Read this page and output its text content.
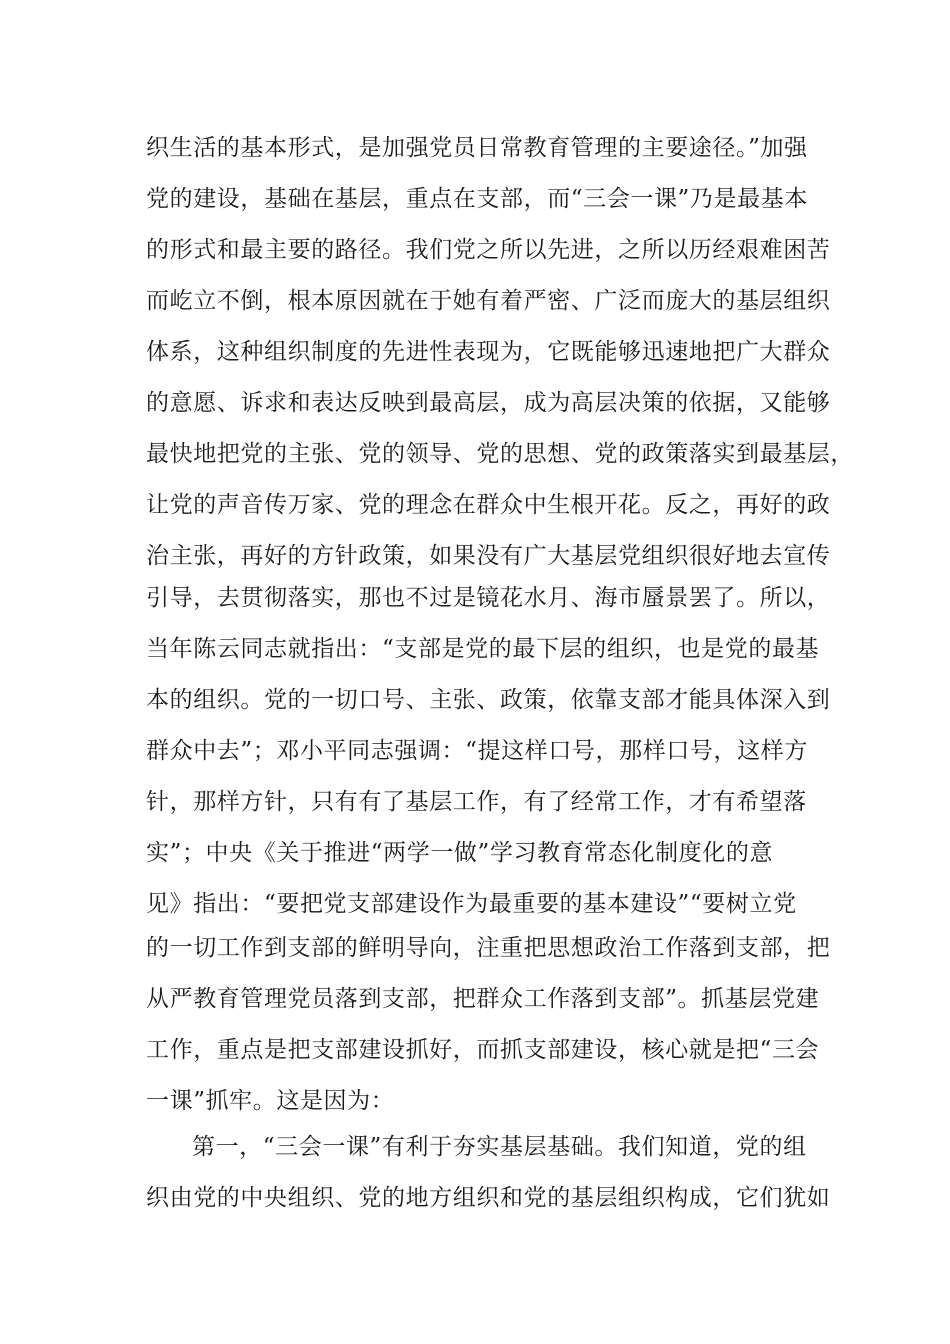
织生活的基本形式，是加强党员日常教育管理的主要途径。”加强
党的建设，基础在基层，重点在支部，而“三会一课”乃是最基本
的形式和最主要的路径。我们党之所以先进，之所以历经艰难困苦
而屹立不倒，根本原因就在于她有着严密、广泛而庞大的基层组织
体系，这种组织制度的先进性表现为，它既能够迅速地把广大群众
的意愿、诉求和表达反映到最高层，成为高层决策的依据，又能够
最快地把党的主张、党的领导、党的思想、党的政策落实到最基层，
让党的声音传万家、党的理念在群众中生根开花。反之，再好的政
治主张，再好的方针政策，如果没有广大基层党组织很好地去宣传
引导，去贯彻落实，那也不过是镜花水月、海市蜃景罢了。所以，
当年陈云同志就指出：“支部是党的最下层的组织，也是党的最基
本的组织。党的一切口号、主张、政策，依靠支部才能具体深入到
群众中去”；邓小平同志强调：“提这样口号，那样口号，这样方
针，那样方针，只有有了基层工作，有了经常工作，才有希望落
实”；中央《关于推进“两学一做”学习教育常态化制度化的意
见》指出：“要把党支部建设作为最重要的基本建设”“要树立党
的一切工作到支部的鲜明导向，注重把思想政治工作落到支部，把
从严教育管理党员落到支部，把群众工作落到支部”。抓基层党建
工作，重点是把支部建设抓好，而抓支部建设，核心就是把“三会
一课”抓牢。这是因为：
第一，“三会一课”有利于夯实基层基础。我们知道，党的组
织由党的中央组织、党的地方组织和党的基层组织构成，它们犹如
